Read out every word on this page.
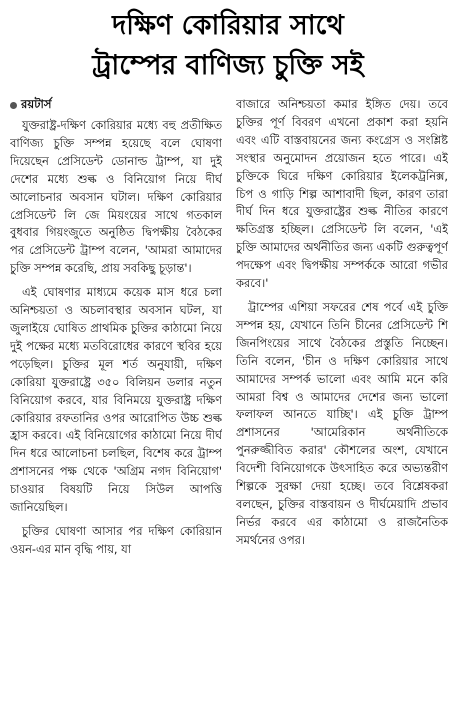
দক্ষিণ কোরিয়ার সাথে
ট্রাম্পের বাণিজ্য চুক্তি সই
রয়টার্স

যুক্তরাষ্ট্র-দক্ষিণ কোরিয়ার মধ্যে বহু প্রতীক্ষিত বাণিজ্য চুক্তি সম্পন্ন হয়েছে বলে ঘোষণা দিয়েছেন প্রেসিডেন্ট ডোনাল্ড ট্রাম্প, যা দুই দেশের মধ্যে শুল্ক ও বিনিয়োগ নিয়ে দীর্ঘ আলোচনার অবসান ঘটাল। দক্ষিণ কোরিয়ার প্রেসিডেন্ট লি জে মিয়ংয়ের সাথে গতকাল বুধবার গিয়ংজুতে অনুষ্ঠিত দ্বিপক্ষীয় বৈঠকের পর প্রেসিডেন্ট ট্রাম্প বলেন, 'আমরা আমাদের চুক্তি সম্পন্ন করেছি, প্রায় সবকিছু চূড়ান্ত'।

এই ঘোষণার মাধ্যমে কয়েক মাস ধরে চলা অনিশ্চয়তা ও অচলাবস্থার অবসান ঘটল, যা জুলাইয়ে ঘোষিত প্রাথমিক চুক্তির কাঠামো নিয়ে দুই পক্ষের মধ্যে মতবিরোধের কারণে স্থবির হয়ে পড়েছিল। চুক্তির মূল শর্ত অনুযায়ী, দক্ষিণ কোরিয়া যুক্তরাষ্ট্রে ৩৫০ বিলিয়ন ডলার নতুন বিনিয়োগ করবে, যার বিনিময়ে যুক্তরাষ্ট্র দক্ষিণ কোরিয়ার রফতানির ওপর আরোপিত উচ্চ শুল্ক হ্রাস করবে। এই বিনিয়োগের কাঠামো নিয়ে দীর্ঘ দিন ধরে আলোচনা চলছিল, বিশেষ করে ট্রাম্প প্রশাসনের পক্ষ থেকে 'অগ্রিম নগদ বিনিয়োগ' চাওয়ার বিষয়টি নিয়ে সিউল আপত্তি জানিয়েছিল।

চুক্তির ঘোষণা আসার পর দক্ষিণ কোরিয়ান ওয়ন-এর মান বৃদ্ধি পায়, যা

বাজারে অনিশ্চয়তা কমার ইঙ্গিত দেয়। তবে চুক্তির পূর্ণ বিবরণ এখনো প্রকাশ করা হয়নি এবং এটি বাস্তবায়নের জন্য কংগ্রেস ও সংশ্লিষ্ট সংস্থার অনুমোদন প্রয়োজন হতে পারে। এই চুক্তিকে ঘিরে দক্ষিণ কোরিয়ার ইলেকট্রনিক্স, চিপ ও গাড়ি শিল্প আশাবাদী ছিল, কারণ তারা দীর্ঘ দিন ধরে যুক্তরাষ্ট্রের শুল্ক নীতির কারণে ক্ষতিগ্রস্ত হচ্ছিল। প্রেসিডেন্ট লি বলেন, 'এই চুক্তি আমাদের অর্থনীতির জন্য একটি গুরুত্বপূর্ণ পদক্ষেপ এবং দ্বিপক্ষীয় সম্পর্ককে আরো গভীর করবে।'

ট্রাম্পের এশিয়া সফরের শেষ পর্বে এই চুক্তি সম্পন্ন হয়, যেখানে তিনি চীনের প্রেসিডেন্ট শি জিনপিংয়ের সাথে বৈঠকের প্রস্তুতি নিচ্ছেন। তিনি বলেন, 'চীন ও দক্ষিণ কোরিয়ার সাথে আমাদের সম্পর্ক ভালো এবং আমি মনে করি আমরা বিশ্ব ও আমাদের দেশের জন্য ভালো ফলাফল আনতে যাচ্ছি'। এই চুক্তি ট্রাম্প প্রশাসনের 'আমেরিকান অর্থনীতিকে পুনরুজ্জীবিত করার' কৌশলের অংশ, যেখানে বিদেশী বিনিয়োগকে উৎসাহিত করে অভ্যন্তরীণ শিল্পকে সুরক্ষা দেয়া হচ্ছে। তবে বিশ্লেষকরা বলছেন, চুক্তির বাস্তবায়ন ও দীর্ঘমেয়াদি প্রভাব নির্ভর করবে এর কাঠামো ও রাজনৈতিক সমর্থনের ওপর।
